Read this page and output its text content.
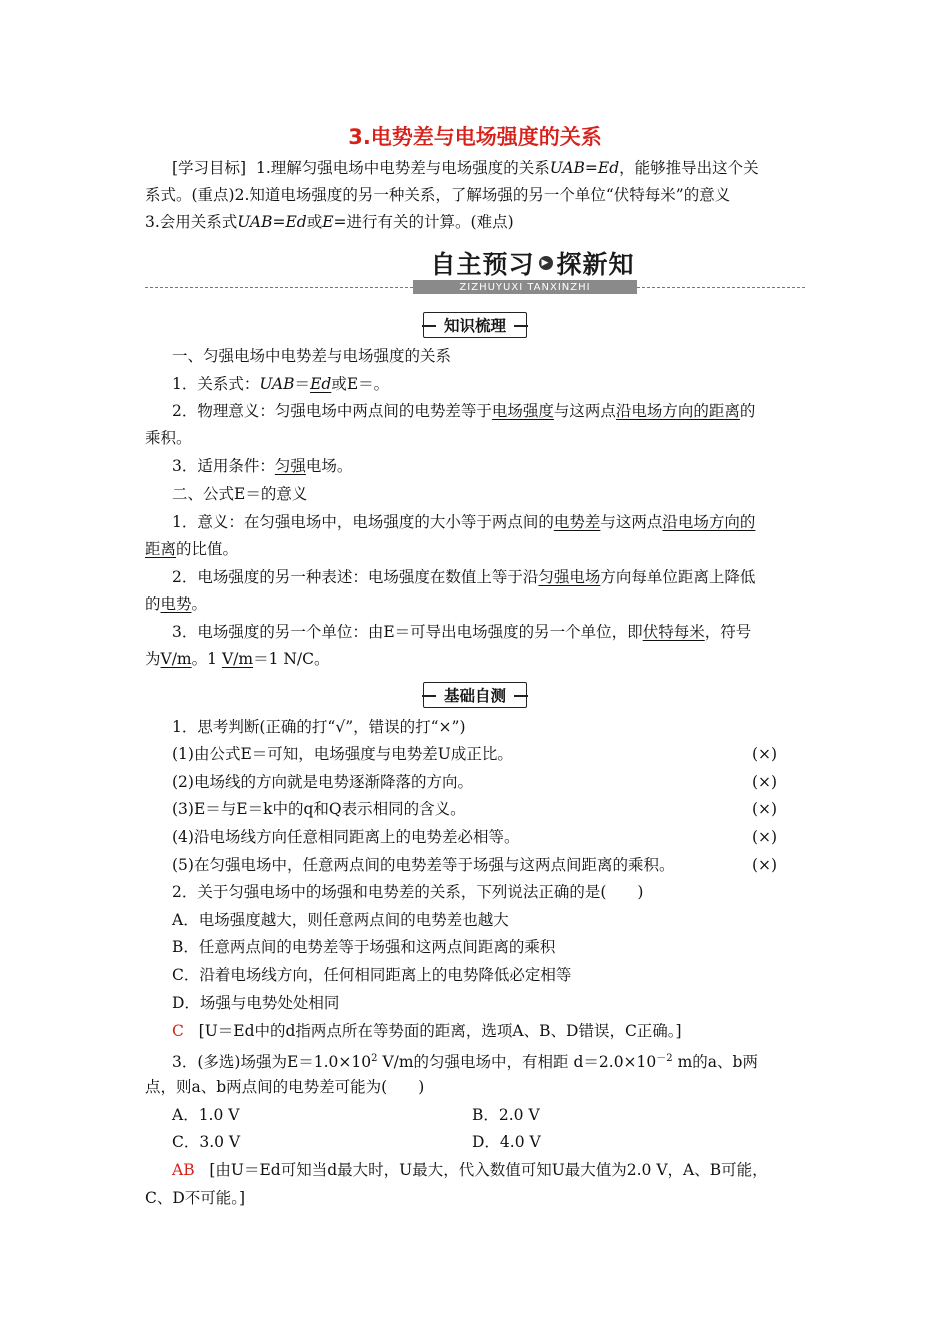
3.电势差与电场强度的关系
[学习目标] 1.理解匀强电场中电势差与电场强度的关系UAB=Ed，能够推导出这个关
系式。(重点)2.知道电场强度的另一种关系，了解场强的另一个单位“伏特每米”的意义
3.会用关系式UAB=Ed或E=进行有关的计算。(难点)
自主预习 ▶ 探新知
ZIZHUYUXI TANXINZHI
知识梳理
一、匀强电场中电势差与电场强度的关系
1．关系式：UAB＝Ed或E＝。
2．物理意义：匀强电场中两点间的电势差等于电场强度与这两点沿电场方向的距离的
乘积。
3．适用条件：匀强电场。
二、公式E＝的意义
1．意义：在匀强电场中，电场强度的大小等于两点间的电势差与这两点沿电场方向的
距离的比值。
2．电场强度的另一种表述：电场强度在数值上等于沿匀强电场方向每单位距离上降低
的电势。
3．电场强度的另一个单位：由E＝可导出电场强度的另一个单位，即伏特每米，符号
为V/m。1 V/m＝1 N/C。
基础自测
1．思考判断(正确的打“√”，错误的打“×”)
(1)由公式E＝可知，电场强度与电势差U成正比。	(×)
(2)电场线的方向就是电势逐渐降落的方向。	(×)
(3)E＝与E＝k中的q和Q表示相同的含义。	(×)
(4)沿电场线方向任意相同距离上的电势差必相等。	(×)
(5)在匀强电场中，任意两点间的电势差等于场强与这两点间距离的乘积。	(×)
2．关于匀强电场中的场强和电势差的关系，下列说法正确的是(　　)
A．电场强度越大，则任意两点间的电势差也越大
B．任意两点间的电势差等于场强和这两点间距离的乘积
C．沿着电场线方向，任何相同距离上的电势降低必定相等
D．场强与电势处处相同
C [U＝Ed中的d指两点所在等势面的距离，选项A、B、D错误，C正确。]
3．(多选)场强为$E=1.0\times 10^2$ V/m的匀强电场中，有相距 $d=2.0\times 10^{-2}$ m的a、b两
点，则a、b两点间的电势差可能为(　　)
A．1.0 V	B．2.0 V
C．3.0 V	D．4.0 V
AB [由U＝Ed可知当d最大时，U最大，代入数值可知U最大值为2.0 V，A、B可能，
C、D不可能。]
